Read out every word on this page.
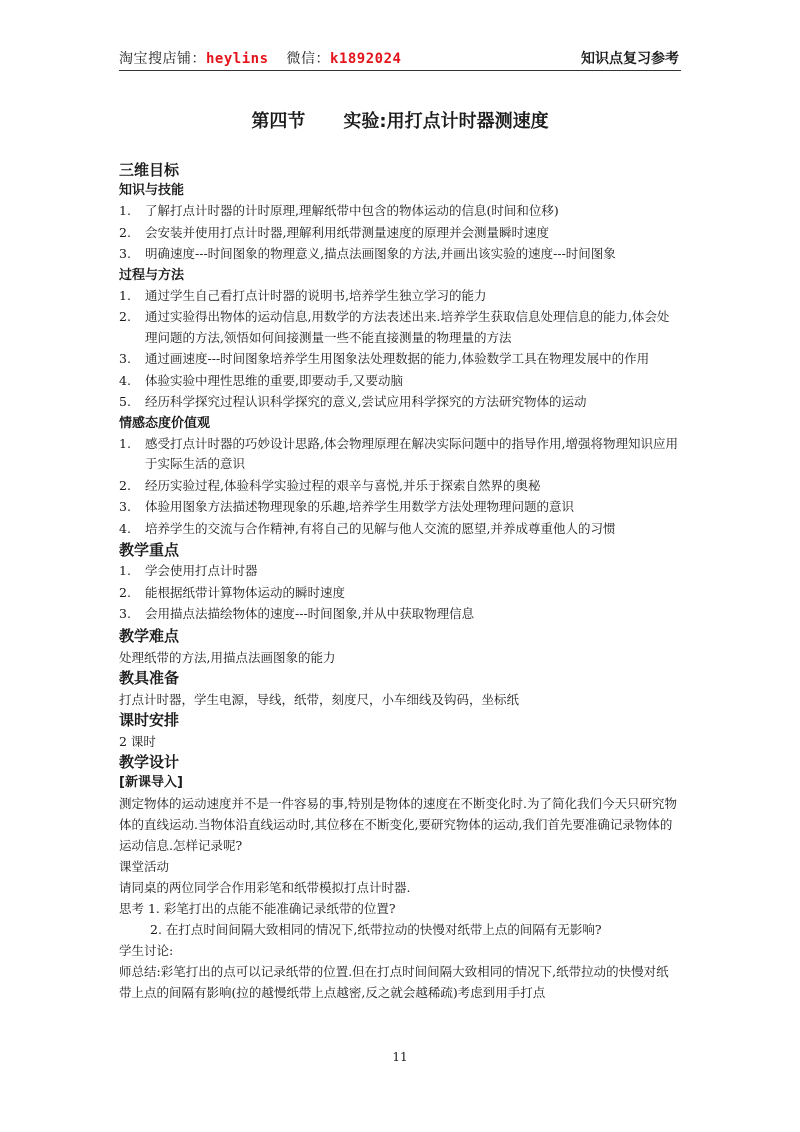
淘宝搜店铺：heylins 微信：k1892024	知识点复习参考
第四节 实验:用打点计时器测速度
三维目标
知识与技能
1. 了解打点计时器的计时原理,理解纸带中包含的物体运动的信息(时间和位移)
2. 会安装并使用打点计时器,理解利用纸带测量速度的原理并会测量瞬时速度
3. 明确速度---时间图象的物理意义,描点法画图象的方法,并画出该实验的速度---时间图象
过程与方法
1. 通过学生自己看打点计时器的说明书,培养学生独立学习的能力
2. 通过实验得出物体的运动信息,用数学的方法表述出来.培养学生获取信息处理信息的能力,体会处理问题的方法,领悟如何间接测量一些不能直接测量的物理量的方法
3. 通过画速度---时间图象培养学生用图象法处理数据的能力,体验数学工具在物理发展中的作用
4. 体验实验中理性思维的重要,即要动手,又要动脑
5. 经历科学探究过程认识科学探究的意义,尝试应用科学探究的方法研究物体的运动
情感态度价值观
1. 感受打点计时器的巧妙设计思路,体会物理原理在解决实际问题中的指导作用,增强将物理知识应用于实际生活的意识
2. 经历实验过程,体验科学实验过程的艰辛与喜悦,并乐于探索自然界的奥秘
3. 体验用图象方法描述物理现象的乐趣,培养学生用数学方法处理物理问题的意识
4. 培养学生的交流与合作精神,有将自己的见解与他人交流的愿望,并养成尊重他人的习惯
教学重点
1. 学会使用打点计时器
2. 能根据纸带计算物体运动的瞬时速度
3. 会用描点法描绘物体的速度---时间图象,并从中获取物理信息
教学难点
处理纸带的方法,用描点法画图象的能力
教具准备
打点计时器，学生电源，导线，纸带，刻度尺，小车细线及钩码，坐标纸
课时安排
2 课时
教学设计
[新课导入]
测定物体的运动速度并不是一件容易的事,特别是物体的速度在不断变化时.为了简化我们今天只研究物体的直线运动.当物体沿直线运动时,其位移在不断变化,要研究物体的运动,我们首先要准确记录物体的运动信息.怎样记录呢?
课堂活动
请同桌的两位同学合作用彩笔和纸带模拟打点计时器.
思考 1. 彩笔打出的点能不能准确记录纸带的位置?
2. 在打点时间间隔大致相同的情况下,纸带拉动的快慢对纸带上点的间隔有无影响?
学生讨论:
师总结:彩笔打出的点可以记录纸带的位置.但在打点时间间隔大致相同的情况下,纸带拉动的快慢对纸带上点的间隔有影响(拉的越慢纸带上点越密,反之就会越稀疏)考虑到用手打点
11
